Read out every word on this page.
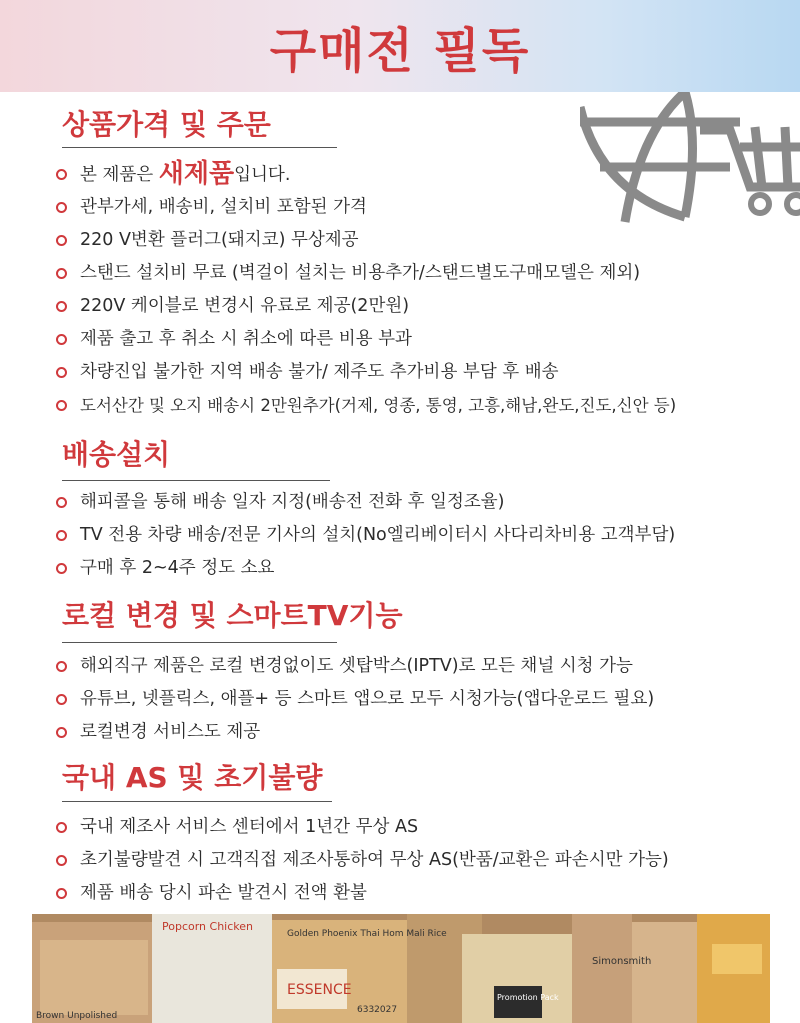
구매전 필독
상품가격 및 주문
본 제품은 새제품입니다.
관부가세, 배송비, 설치비 포함된 가격
220 V변환 플러그(돼지코) 무상제공
스탠드 설치비 무료 (벽걸이 설치는 비용추가/스탠드별도구매모델은 제외)
220V 케이블로 변경시 유료로 제공(2만원)
제품 출고 후 취소 시 취소에 따른 비용 부과
차량진입 불가한 지역 배송 불가/ 제주도 추가비용 부담 후 배송
도서산간 및 오지 배송시 2만원추가(거제, 영종, 통영, 고흥,해남,완도,진도,신안 등)
배송설치
해피콜을 통해 배송 일자 지정(배송전 전화 후 일정조율)
TV 전용 차량 배송/전문 기사의 설치(No엘리베이터시 사다리차비용 고객부담)
구매 후 2~4주 정도 소요
로컬 변경 및 스마트TV기능
해외직구 제품은 로컬 변경없이도 셋탑박스(IPTV)로 모든 채널 시청 가능
유튜브, 넷플릭스, 애플+ 등 스마트 앱으로 모두 시청가능(앱다운로드 필요)
로컬변경 서비스도 제공
국내 AS 및 초기불량
국내 제조사 서비스 센터에서 1년간 무상 AS
초기불량발견 시 고객직접 제조사통하여 무상 AS(반품/교환은 파손시만 가능)
제품 배송 당시 파손 발견시 전액 환불
Popcorn Chicken
Golden Phoenix Thai Hom Mali Rice
Simonsmith
Promotion Pack
ESSENCE
Brown Unpolished
6332027
